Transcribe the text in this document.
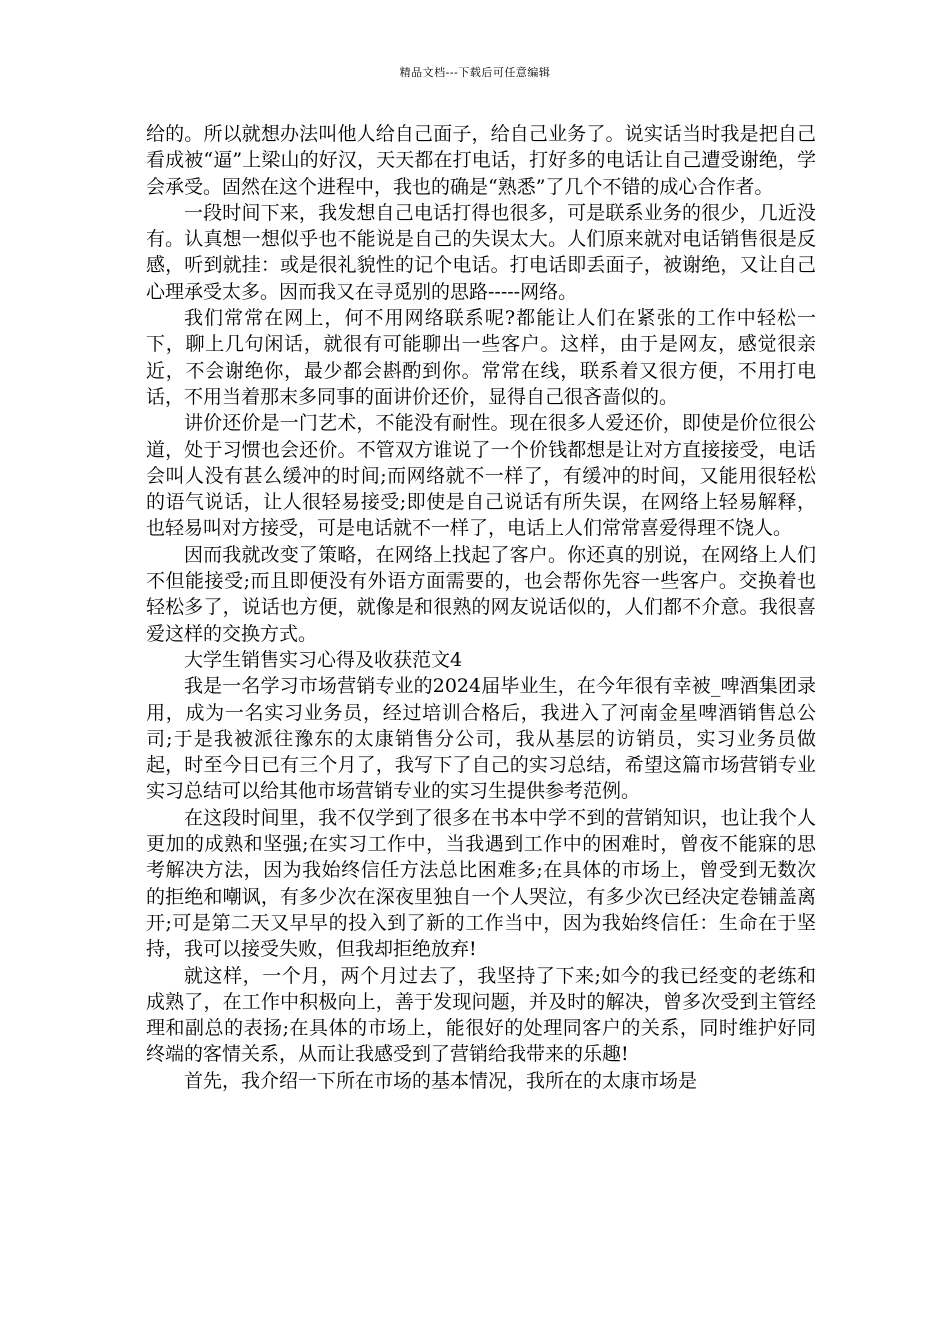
精品文档---下载后可任意编辑

给的。所以就想办法叫他人给自己面子，给自己业务了。说实话当时我是把自己看成被“逼”上梁山的好汉，天天都在打电话，打好多的电话让自己遭受谢绝，学会承受。固然在这个进程中，我也的确是“熟悉”了几个不错的成心合作者。

一段时间下来，我发想自己电话打得也很多，可是联系业务的很少，几近没有。认真想一想似乎也不能说是自己的失误太大。人们原来就对电话销售很是反感，听到就挂：或是很礼貌性的记个电话。打电话即丢面子，被谢绝，又让自己心理承受太多。因而我又在寻觅别的思路-----网络。

我们常常在网上，何不用网络联系呢?都能让人们在紧张的工作中轻松一下，聊上几句闲话，就很有可能聊出一些客户。这样，由于是网友，感觉很亲近，不会谢绝你，最少都会斟酌到你。常常在线，联系着又很方便，不用打电话，不用当着那末多同事的面讲价还价，显得自己很吝啬似的。

讲价还价是一门艺术，不能没有耐性。现在很多人爱还价，即使是价位很公道，处于习惯也会还价。不管双方谁说了一个价钱都想是让对方直接接受，电话会叫人没有甚么缓冲的时间;而网络就不一样了，有缓冲的时间，又能用很轻松的语气说话，让人很轻易接受;即使是自己说话有所失误，在网络上轻易解释，也轻易叫对方接受，可是电话就不一样了，电话上人们常常喜爱得理不饶人。

因而我就改变了策略，在网络上找起了客户。你还真的别说，在网络上人们不但能接受;而且即便没有外语方面需要的，也会帮你先容一些客户。交换着也轻松多了，说话也方便，就像是和很熟的网友说话似的，人们都不介意。我很喜爱这样的交换方式。

大学生销售实习心得及收获范文4

我是一名学习市场营销专业的2024届毕业生，在今年很有幸被_啤酒集团录用，成为一名实习业务员，经过培训合格后，我进入了河南金星啤酒销售总公司;于是我被派往豫东的太康销售分公司，我从基层的访销员，实习业务员做起，时至今日已有三个月了，我写下了自己的实习总结，希望这篇市场营销专业实习总结可以给其他市场营销专业的实习生提供参考范例。

在这段时间里，我不仅学到了很多在书本中学不到的营销知识，也让我个人更加的成熟和坚强;在实习工作中，当我遇到工作中的困难时，曾夜不能寐的思考解决方法，因为我始终信任方法总比困难多;在具体的市场上，曾受到无数次的拒绝和嘲讽，有多少次在深夜里独自一个人哭泣，有多少次已经决定卷铺盖离开;可是第二天又早早的投入到了新的工作当中，因为我始终信任：生命在于坚持，我可以接受失败，但我却拒绝放弃!

就这样，一个月，两个月过去了，我坚持了下来;如今的我已经变的老练和成熟了，在工作中积极向上，善于发现问题，并及时的解决，曾多次受到主管经理和副总的表扬;在具体的市场上，能很好的处理同客户的关系，同时维护好同终端的客情关系，从而让我感受到了营销给我带来的乐趣!

首先，我介绍一下所在市场的基本情况，我所在的太康市场是
